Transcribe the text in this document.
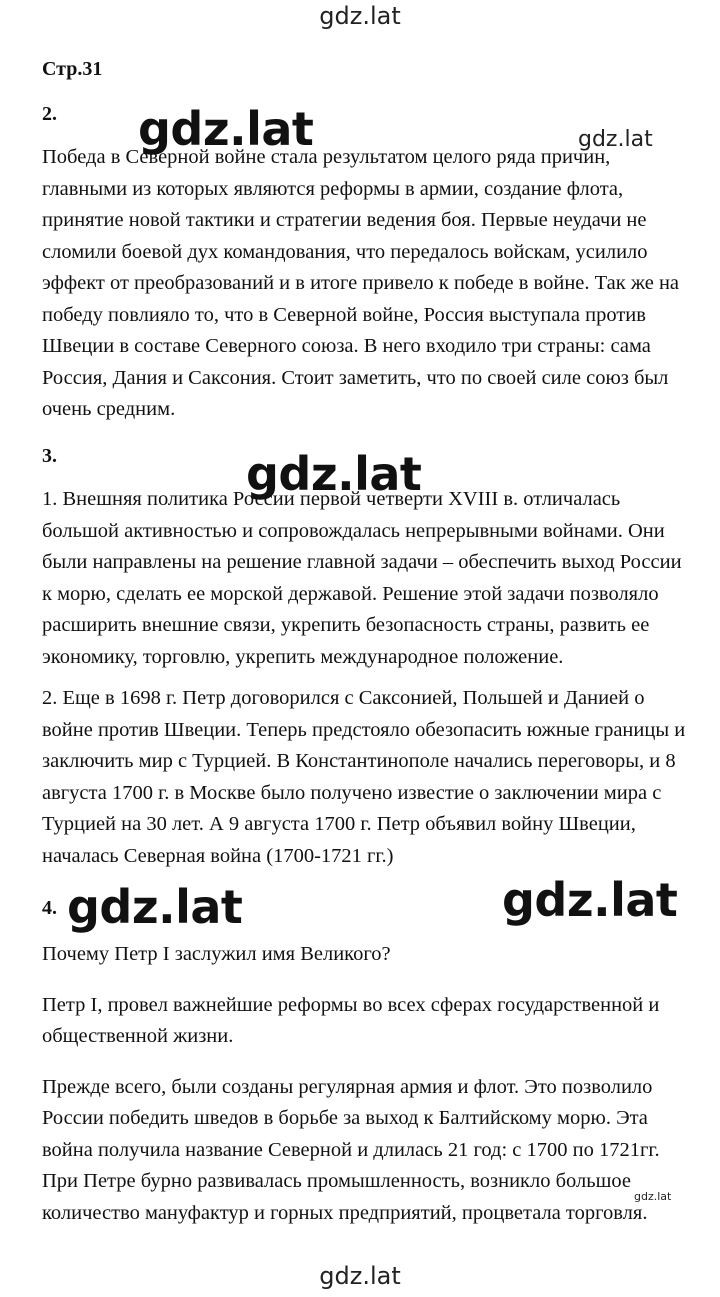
gdz.lat
Стр.31
2. gdz.lat	gdz.lat

Победа в Северной войне стала результатом целого ряда причин, главными из которых являются реформы в армии, создание флота, принятие новой тактики и стратегии ведения боя. Первые неудачи не сломили боевой дух командования, что передалось войскам, усилило эффект от преобразований и в итоге привело к победе в войне. Так же на победу повлияло то, что в Северной войне, Россия выступала против Швеции в составе Северного союза. В него входило три страны: сама Россия, Дания и Саксония. Стоит заметить, что по своей силе союз был очень средним.

3.	gdz.lat

1. Внешняя политика России первой четверти XVIII в. отличалась большой активностью и сопровождалась непрерывными войнами. Они были направлены на решение главной задачи – обеспечить выход России к морю, сделать ее морской державой. Решение этой задачи позволяло расширить внешние связи, укрепить безопасность страны, развить ее экономику, торговлю, укрепить международное положение.

2. Еще в 1698 г. Петр договорился с Саксонией, Польшей и Данией о войне против Швеции. Теперь предстояло обезопасить южные границы и заключить мир с Турцией. В Константинополе начались переговоры, и 8 августа 1700 г. в Москве было получено известие о заключении мира с Турцией на 30 лет. А 9 августа 1700 г. Петр объявил войну Швеции, началась Северная война (1700-1721 гг.)

4. gdz.lat	gdz.lat

Почему Петр I заслужил имя Великого?

Петр I, провел важнейшие реформы во всех сферах государственной и общественной жизни.

Прежде всего, были созданы регулярная армия и флот. Это позволило России победить шведов в борьбе за выход к Балтийскому морю. Эта война получила название Северной и длилась 21 год: с 1700 по 1721гг. При Петре бурно развивалась промышленность, возникло большое количество мануфактур и горных предприятий, процветала торговля.

gdz.lat
gdz.lat
